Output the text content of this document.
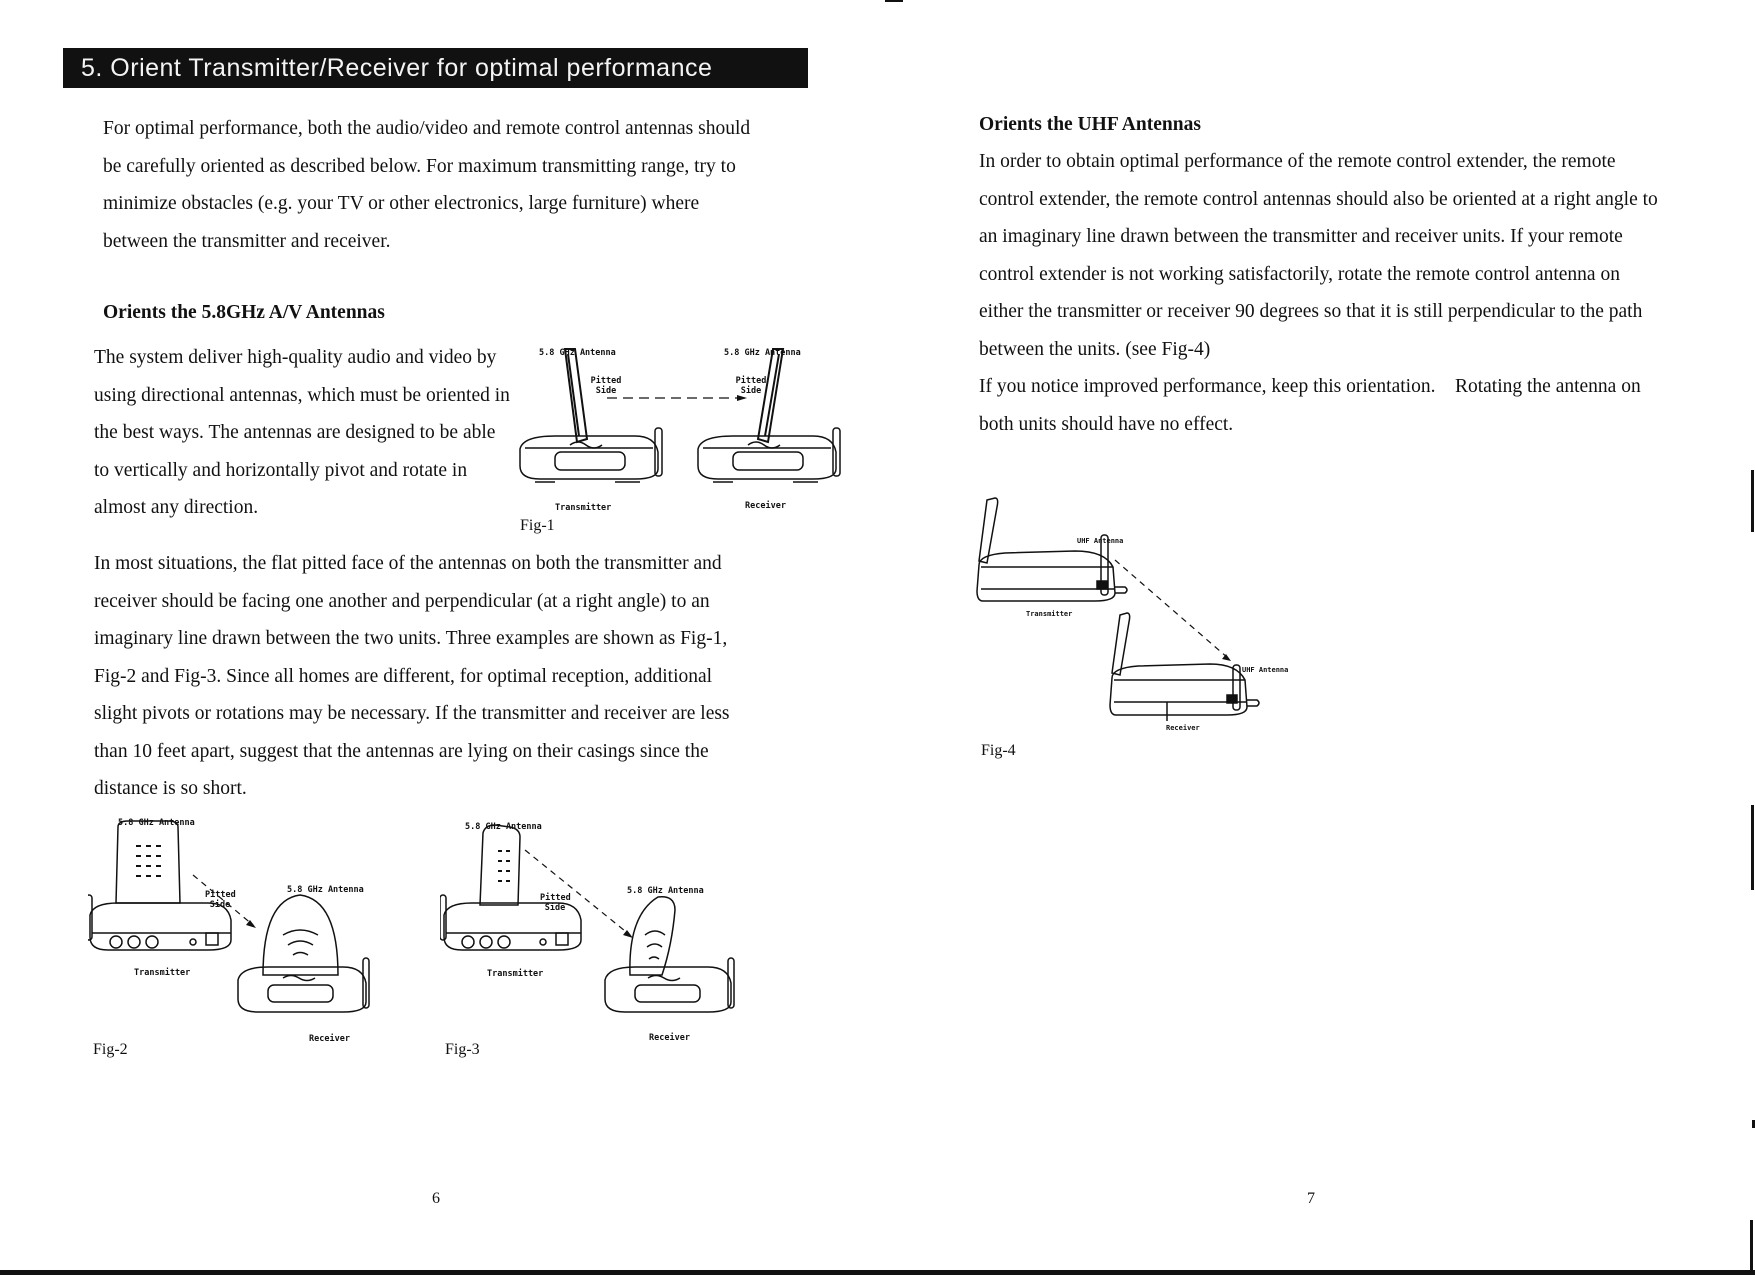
5. Orient Transmitter/Receiver for optimal performance

For optimal performance, both the audio/video and remote control antennas should be carefully oriented as described below. For maximum transmitting range, try to minimize obstacles (e.g. your TV or other electronics, large furniture) where between the transmitter and receiver.

Orients the 5.8GHz A/V Antennas

The system deliver high-quality audio and video by using directional antennas, which must be oriented in the best ways. The antennas are designed to be able to vertically and horizontally pivot and rotate in almost any direction.

5.8 GHz Antenna	5.8 GHz Antenna
Pitted Side
Pitted Side
Transmitter	Receiver
Fig-1

In most situations, the flat pitted face of the antennas on both the transmitter and receiver should be facing one another and perpendicular (at a right angle) to an imaginary line drawn between the two units. Three examples are shown as Fig-1, Fig-2 and Fig-3. Since all homes are different, for optimal reception, additional slight pivots or rotations may be necessary. If the transmitter and receiver are less than 10 feet apart, suggest that the antennas are lying on their casings since the distance is so short.

5.8 GHz Antenna
5.8 GHz Antenna
Pitted Side
Transmitter
Receiver
Fig-2
5.8 GHz Antenna
5.8 GHz Antenna
Pitted Side
Transmitter
Receiver
Fig-3
6
Orients the UHF Antennas

In order to obtain optimal performance of the remote control extender, the remote control extender, the remote control antennas should also be oriented at a right angle to an imaginary line drawn between the transmitter and receiver units. If your remote control extender is not working satisfactorily, rotate the remote control antenna on either the transmitter or receiver 90 degrees so that it is still perpendicular to the path between the units. (see Fig-4)

If you notice improved performance, keep this orientation.    Rotating the antenna on both units should have no effect.

UHF Antenna
UHF Antenna
Transmitter
Receiver
Fig-4
7
